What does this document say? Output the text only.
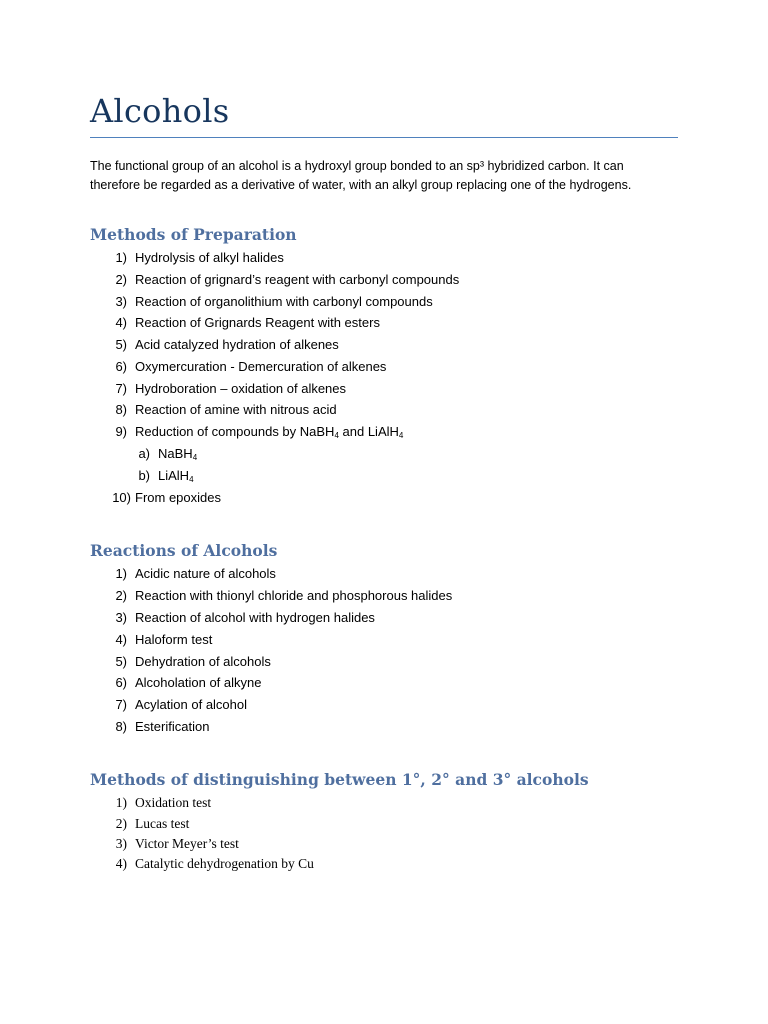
Alcohols
The functional group of an alcohol is a hydroxyl group bonded to an sp³ hybridized carbon. It can
therefore be regarded as a derivative of water, with an alkyl group replacing one of the hydrogens.
Methods of Preparation
Reactions of Alcohols
Methods of distinguishing between 1°, 2° and 3° alcohols
1) Hydrolysis of alkyl halides
2) Reaction of grignard’s reagent with carbonyl compounds
3) Reaction of organolithium with carbonyl compounds
4) Reaction of Grignards Reagent with esters
5) Acid catalyzed hydration of alkenes
6) Oxymercuration - Demercuration of alkenes
7) Hydroboration – oxidation of alkenes
8) Reaction of amine with nitrous acid
9) Reduction of compounds by NaBH$_4$ and LiAlH$_4$
a) NaBH$_4$
b) LiAlH$_4$
10) From epoxides
1) Acidic nature of alcohols
2) Reaction with thionyl chloride and phosphorous halides
3) Reaction of alcohol with hydrogen halides
4) Haloform test
5) Dehydration of alcohols
6) Alcoholation of alkyne
7) Acylation of alcohol
8) Esterification
1) Oxidation test
2) Lucas test
3) Victor Meyer’s test
4) Catalytic dehydrogenation by Cu
